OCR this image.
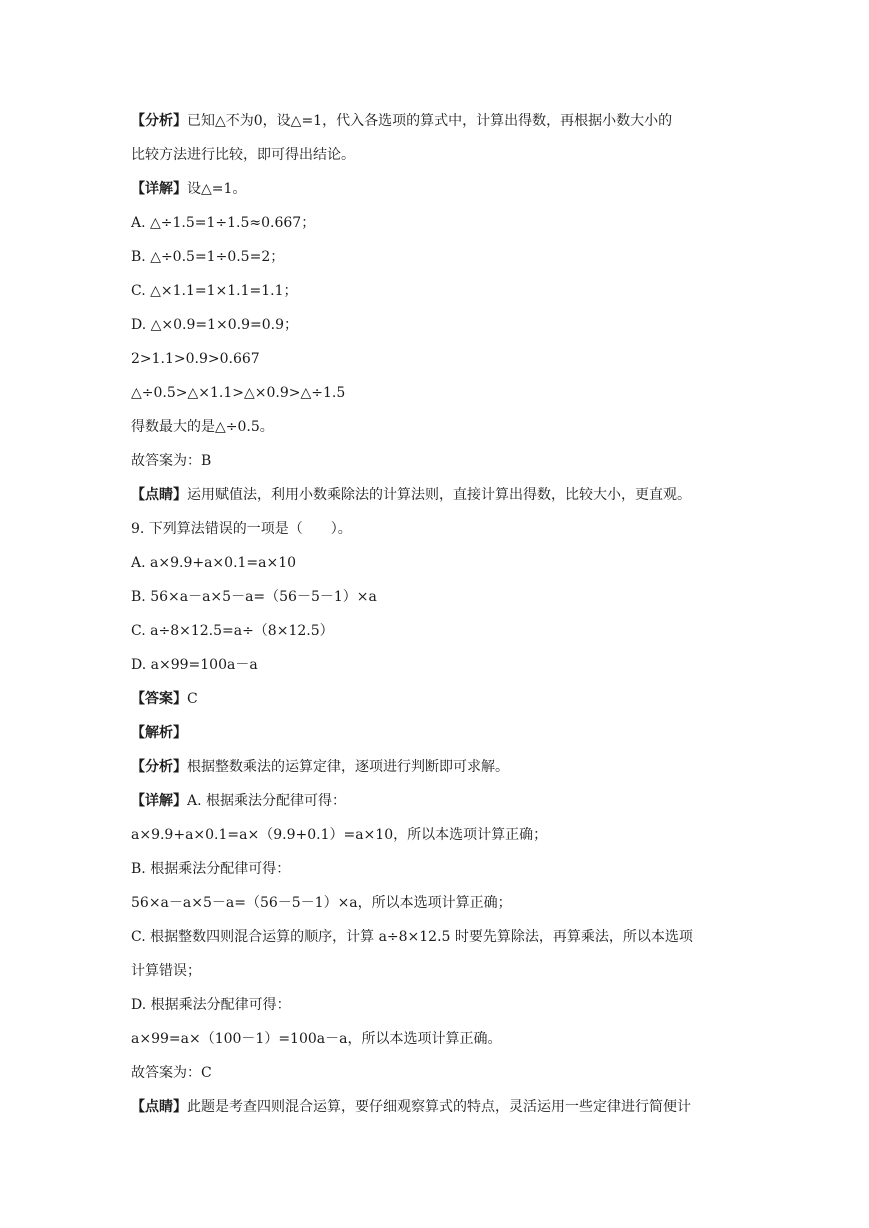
【分析】已知△不为0，设△=1，代入各选项的算式中，计算出得数，再根据小数大小的
比较方法进行比较，即可得出结论。
【详解】设△=1。
A. △÷1.5=1÷1.5≈0.667；
B. △÷0.5=1÷0.5=2；
C. △×1.1=1×1.1=1.1；
D. △×0.9=1×0.9=0.9；
2>1.1>0.9>0.667
△÷0.5>△×1.1>△×0.9>△÷1.5
得数最大的是△÷0.5。
故答案为：B
【点睛】运用赋值法，利用小数乘除法的计算法则，直接计算出得数，比较大小，更直观。
9. 下列算法错误的一项是（　　）。
A. a×9.9+a×0.1=a×10
B. 56×a－a×5－a=（56－5－1）×a
C. a÷8×12.5=a÷（8×12.5）
D. a×99=100a－a
【答案】C
【解析】
【分析】根据整数乘法的运算定律，逐项进行判断即可求解。
【详解】A. 根据乘法分配律可得：
a×9.9+a×0.1=a×（9.9+0.1）=a×10，所以本选项计算正确；
B. 根据乘法分配律可得：
56×a－a×5－a=（56－5－1）×a，所以本选项计算正确；
C. 根据整数四则混合运算的顺序，计算 a÷8×12.5 时要先算除法，再算乘法，所以本选项
计算错误；
D. 根据乘法分配律可得：
a×99=a×（100－1）=100a－a，所以本选项计算正确。
故答案为：C
【点睛】此题是考查四则混合运算，要仔细观察算式的特点，灵活运用一些定律进行简便计
